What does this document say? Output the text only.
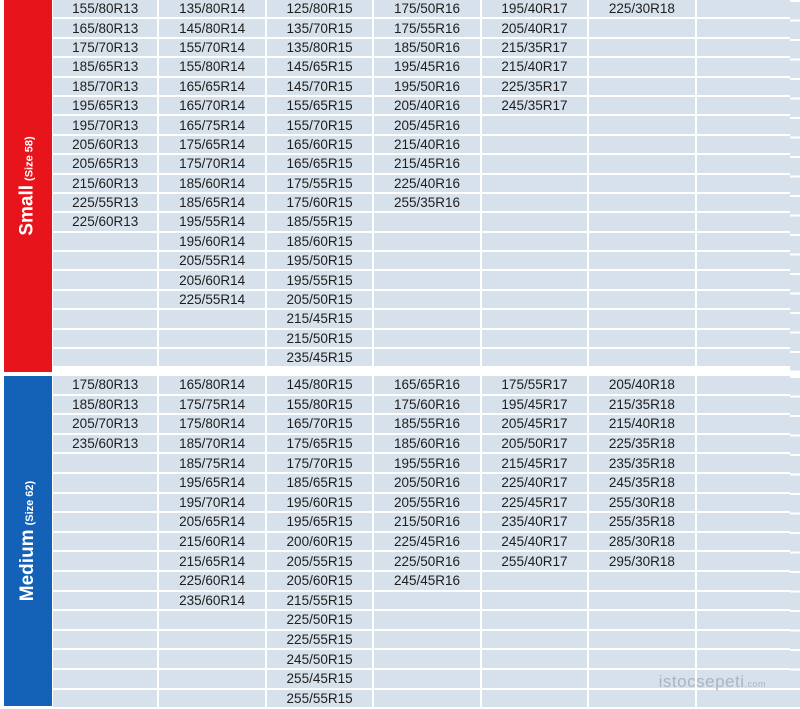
Small(Size 58)
155/80R13	135/80R14	125/80R15	175/50R16	195/40R17	225/30R18	
165/80R13	145/80R14	135/70R15	175/55R16	205/40R17		
175/70R13	155/70R14	135/80R15	185/50R16	215/35R17		
185/65R13	155/80R14	145/65R15	195/45R16	215/40R17		
185/70R13	165/65R14	145/70R15	195/50R16	225/35R17		
195/65R13	165/70R14	155/65R15	205/40R16	245/35R17		
195/70R13	165/75R14	155/70R15	205/45R16			
205/60R13	175/65R14	165/60R15	215/40R16			
205/65R13	175/70R14	165/65R15	215/45R16			
215/60R13	185/60R14	175/55R15	225/40R16			
225/55R13	185/65R14	175/60R15	255/35R16			
225/60R13	195/55R14	185/55R15				
	195/60R14	185/60R15				
	205/55R14	195/50R15				
	205/60R14	195/55R15				
	225/55R14	205/50R15				
		215/45R15				
		215/50R15				
		235/45R15				
Medium(Size 62)
175/80R13	165/80R14	145/80R15	165/65R16	175/55R17	205/40R18	
185/80R13	175/75R14	155/80R15	175/60R16	195/45R17	215/35R18	
205/70R13	175/80R14	165/70R15	185/55R16	205/45R17	215/40R18	
235/60R13	185/70R14	175/65R15	185/60R16	205/50R17	225/35R18	
	185/75R14	175/70R15	195/55R16	215/45R17	235/35R18	
	195/65R14	185/65R15	205/50R16	225/40R17	245/35R18	
	195/70R14	195/60R15	205/55R16	225/45R17	255/30R18	
	205/65R14	195/65R15	215/50R16	235/40R17	255/35R18	
	215/60R14	200/60R15	225/45R16	245/40R17	285/30R18	
	215/65R14	205/55R15	225/50R16	255/40R17	295/30R18	
	225/60R14	205/60R15	245/45R16			
	235/60R14	215/55R15				
		225/50R15				
		225/55R15				
		245/50R15				
		255/45R15				
		255/55R15				
istocsepeti.com
